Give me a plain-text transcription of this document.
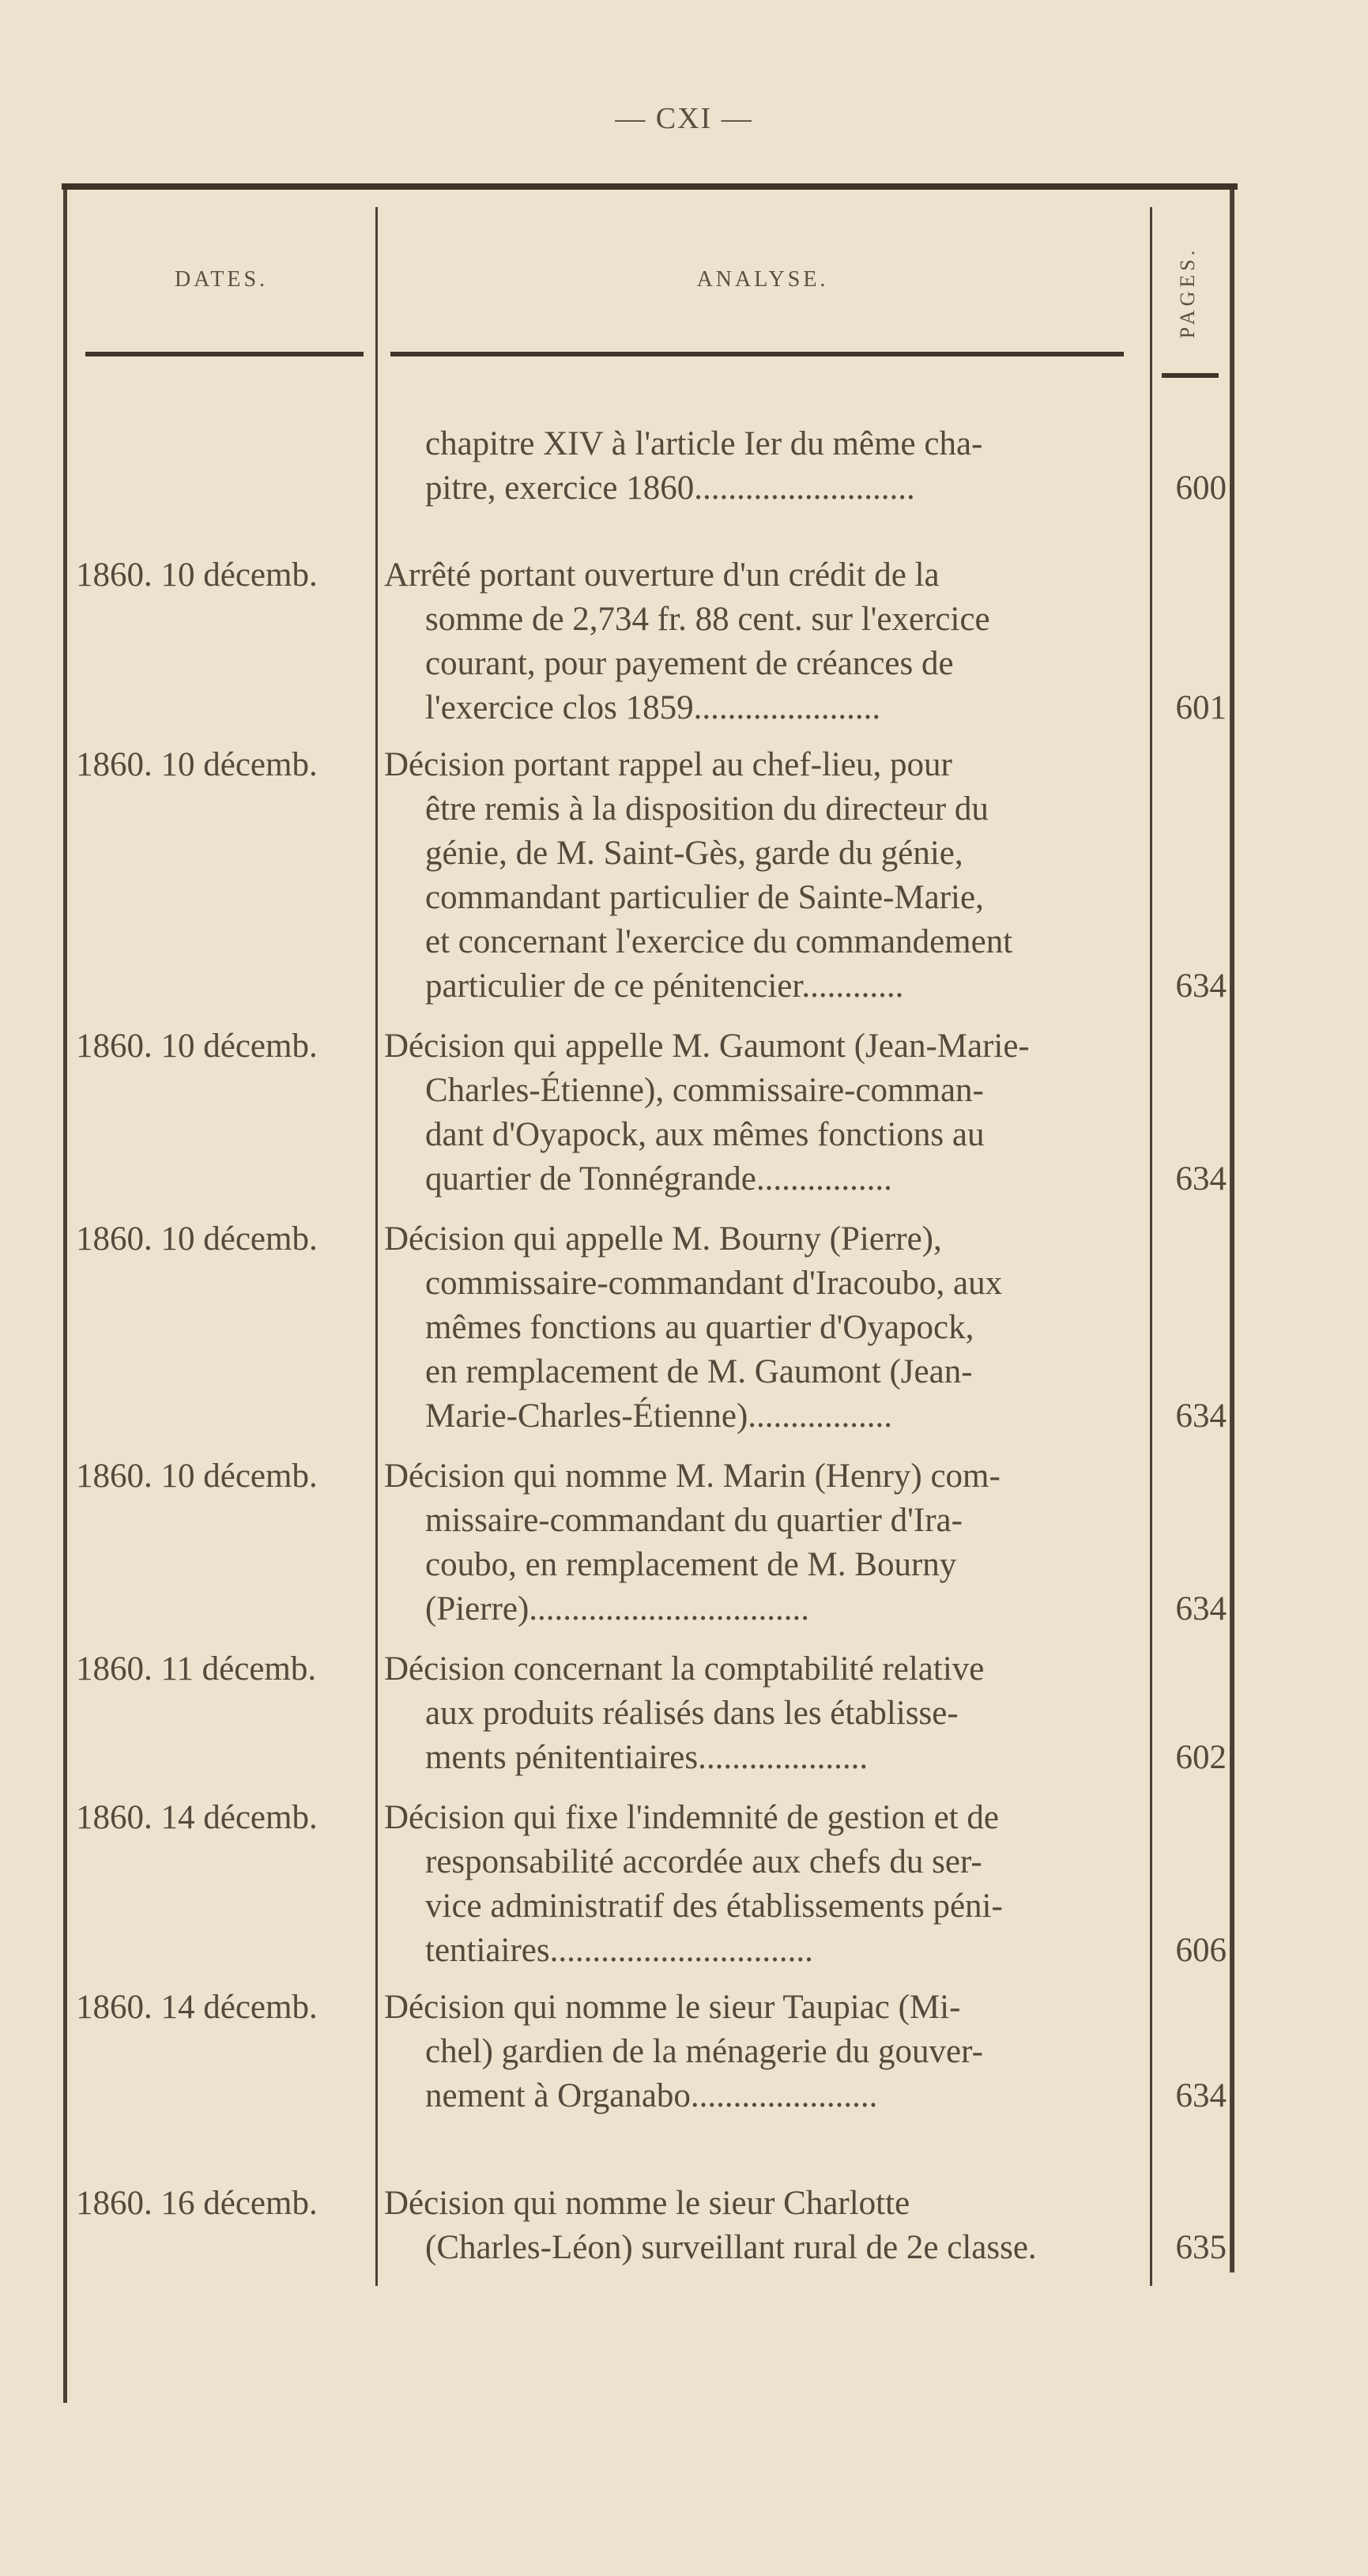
— CXI —
DATES.	ANALYSE.	PAGES.
chapitre XIV à l'article Ier du même cha-
pitre, exercice 1860..........................	600
1860. 10 décemb.	Arrêté portant ouverture d'un crédit de la
somme de 2,734 fr. 88 cent. sur l'exercice
courant, pour payement de créances de
l'exercice clos 1859......................	601
1860. 10 décemb.	Décision portant rappel au chef-lieu, pour
être remis à la disposition du directeur du
génie, de M. Saint-Gès, garde du génie,
commandant particulier de Sainte-Marie,
et concernant l'exercice du commandement
particulier de ce pénitencier............	634
1860. 10 décemb.	Décision qui appelle M. Gaumont (Jean-Marie-
Charles-Étienne), commissaire-comman-
dant d'Oyapock, aux mêmes fonctions au
quartier de Tonnégrande................	634
1860. 10 décemb.	Décision qui appelle M. Bourny (Pierre),
commissaire-commandant d'Iracoubo, aux
mêmes fonctions au quartier d'Oyapock,
en remplacement de M. Gaumont (Jean-
Marie-Charles-Étienne).................	634
1860. 10 décemb.	Décision qui nomme M. Marin (Henry) com-
missaire-commandant du quartier d'Ira-
coubo, en remplacement de M. Bourny
(Pierre).................................	634
1860. 11 décemb.	Décision concernant la comptabilité relative
aux produits réalisés dans les établisse-
ments pénitentiaires....................	602
1860. 14 décemb.	Décision qui fixe l'indemnité de gestion et de
responsabilité accordée aux chefs du ser-
vice administratif des établissements péni-
tentiaires...............................	606
1860. 14 décemb.	Décision qui nomme le sieur Taupiac (Mi-
chel) gardien de la ménagerie du gouver-
nement à Organabo......................	634
1860. 16 décemb.	Décision qui nomme le sieur Charlotte
(Charles-Léon) surveillant rural de 2e classe.	635
